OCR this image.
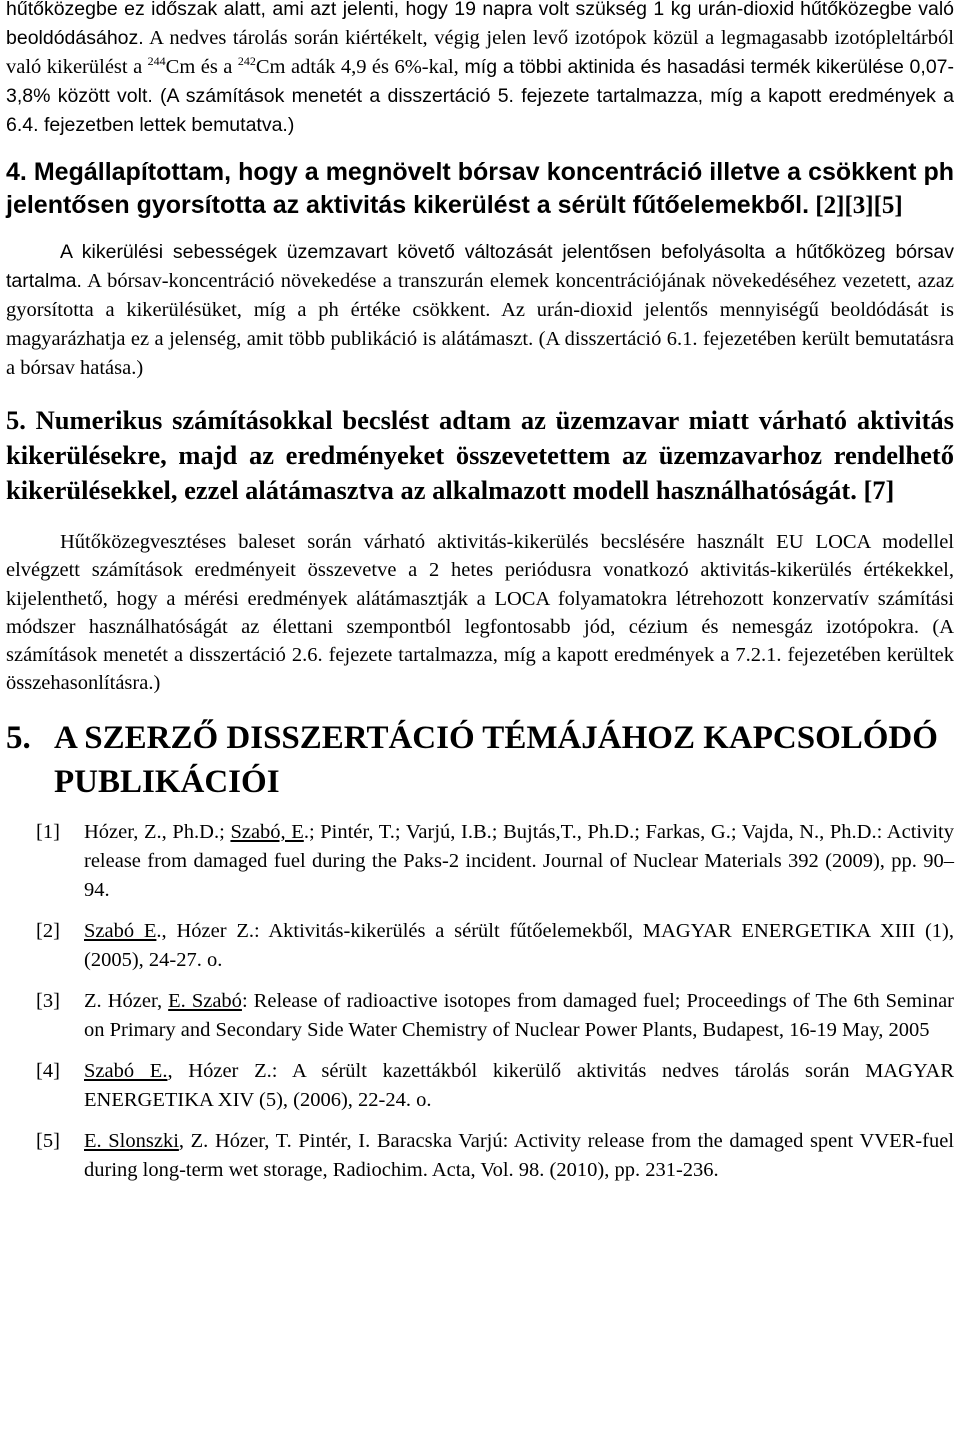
hűtőközegbe ez időszak alatt, ami azt jelenti, hogy 19 napra volt szükség 1 kg urán-dioxid hűtőközegbe való beoldódásához. A nedves tárolás során kiértékelt, végig jelen levő izotópok közül a legmagasabb izotópleltárból való kikerülést a $^{244}$Cm és a $^{242}$Cm adták 4,9 és 6%-kal, míg a többi aktinida és hasadási termék kikerülése 0,07-3,8% között volt. (A számítások menetét a disszertáció 5. fejezete tartalmazza, míg a kapott eredmények a 6.4. fejezetben lettek bemutatva.)

4. Megállapítottam, hogy a megnövelt bórsav koncentráció illetve a csökkent ph jelentősen gyorsította az aktivitás kikerülést a sérült fűtőelemekből. [2][3][5]

A kikerülési sebességek üzemzavart követő változását jelentősen befolyásolta a hűtőközeg bórsav tartalma. A bórsav-koncentráció növekedése a transzurán elemek koncentrációjának növekedéséhez vezetett, azaz gyorsította a kikerülésüket, míg a ph értéke csökkent. Az urán-dioxid jelentős mennyiségű beoldódását is magyarázhatja ez a jelenség, amit több publikáció is alátámaszt. (A disszertáció 6.1. fejezetében került bemutatásra a bórsav hatása.)

5. Numerikus számításokkal becslést adtam az üzemzavar miatt várható aktivitás kikerülésekre, majd az eredményeket összevetettem az üzemzavarhoz rendelhető kikerülésekkel, ezzel alátámasztva az alkalmazott modell használhatóságát. [7]

Hűtőközegvesztéses baleset során várható aktivitás-kikerülés becslésére használt EU LOCA modellel elvégzett számítások eredményeit összevetve a 2 hetes periódusra vonatkozó aktivitás-kikerülés értékekkel, kijelenthető, hogy a mérési eredmények alátámasztják a LOCA folyamatokra létrehozott konzervatív számítási módszer használhatóságát az élettani szempontból legfontosabb jód, cézium és nemesgáz izotópokra. (A számítások menetét a disszertáció 2.6. fejezete tartalmazza, míg a kapott eredmények a 7.2.1. fejezetében kerültek összehasonlításra.)

5. A SZERZŐ DISSZERTÁCIÓ TÉMÁJÁHOZ KAPCSOLÓDÓ PUBLIKÁCIÓI
[1]	Hózer, Z., Ph.D.; Szabó, E.; Pintér, T.; Varjú, I.B.; Bujtás,T., Ph.D.; Farkas, G.; Vajda, N., Ph.D.: Activity release from damaged fuel during the Paks-2 incident. Journal of Nuclear Materials 392 (2009), pp. 90–94.
[2]	Szabó E., Hózer Z.: Aktivitás-kikerülés a sérült fűtőelemekből, MAGYAR ENERGETIKA XIII (1), (2005), 24-27. o.
[3]	Z. Hózer, E. Szabó: Release of radioactive isotopes from damaged fuel; Proceedings of The 6th Seminar on Primary and Secondary Side Water Chemistry of Nuclear Power Plants, Budapest, 16-19 May, 2005
[4]	Szabó E., Hózer Z.: A sérült kazettákból kikerülő aktivitás nedves tárolás során MAGYAR ENERGETIKA XIV (5), (2006), 22-24. o.
[5]	E. Slonszki, Z. Hózer, T. Pintér, I. Baracska Varjú: Activity release from the damaged spent VVER-fuel during long-term wet storage, Radiochim. Acta, Vol. 98. (2010), pp. 231-236.
